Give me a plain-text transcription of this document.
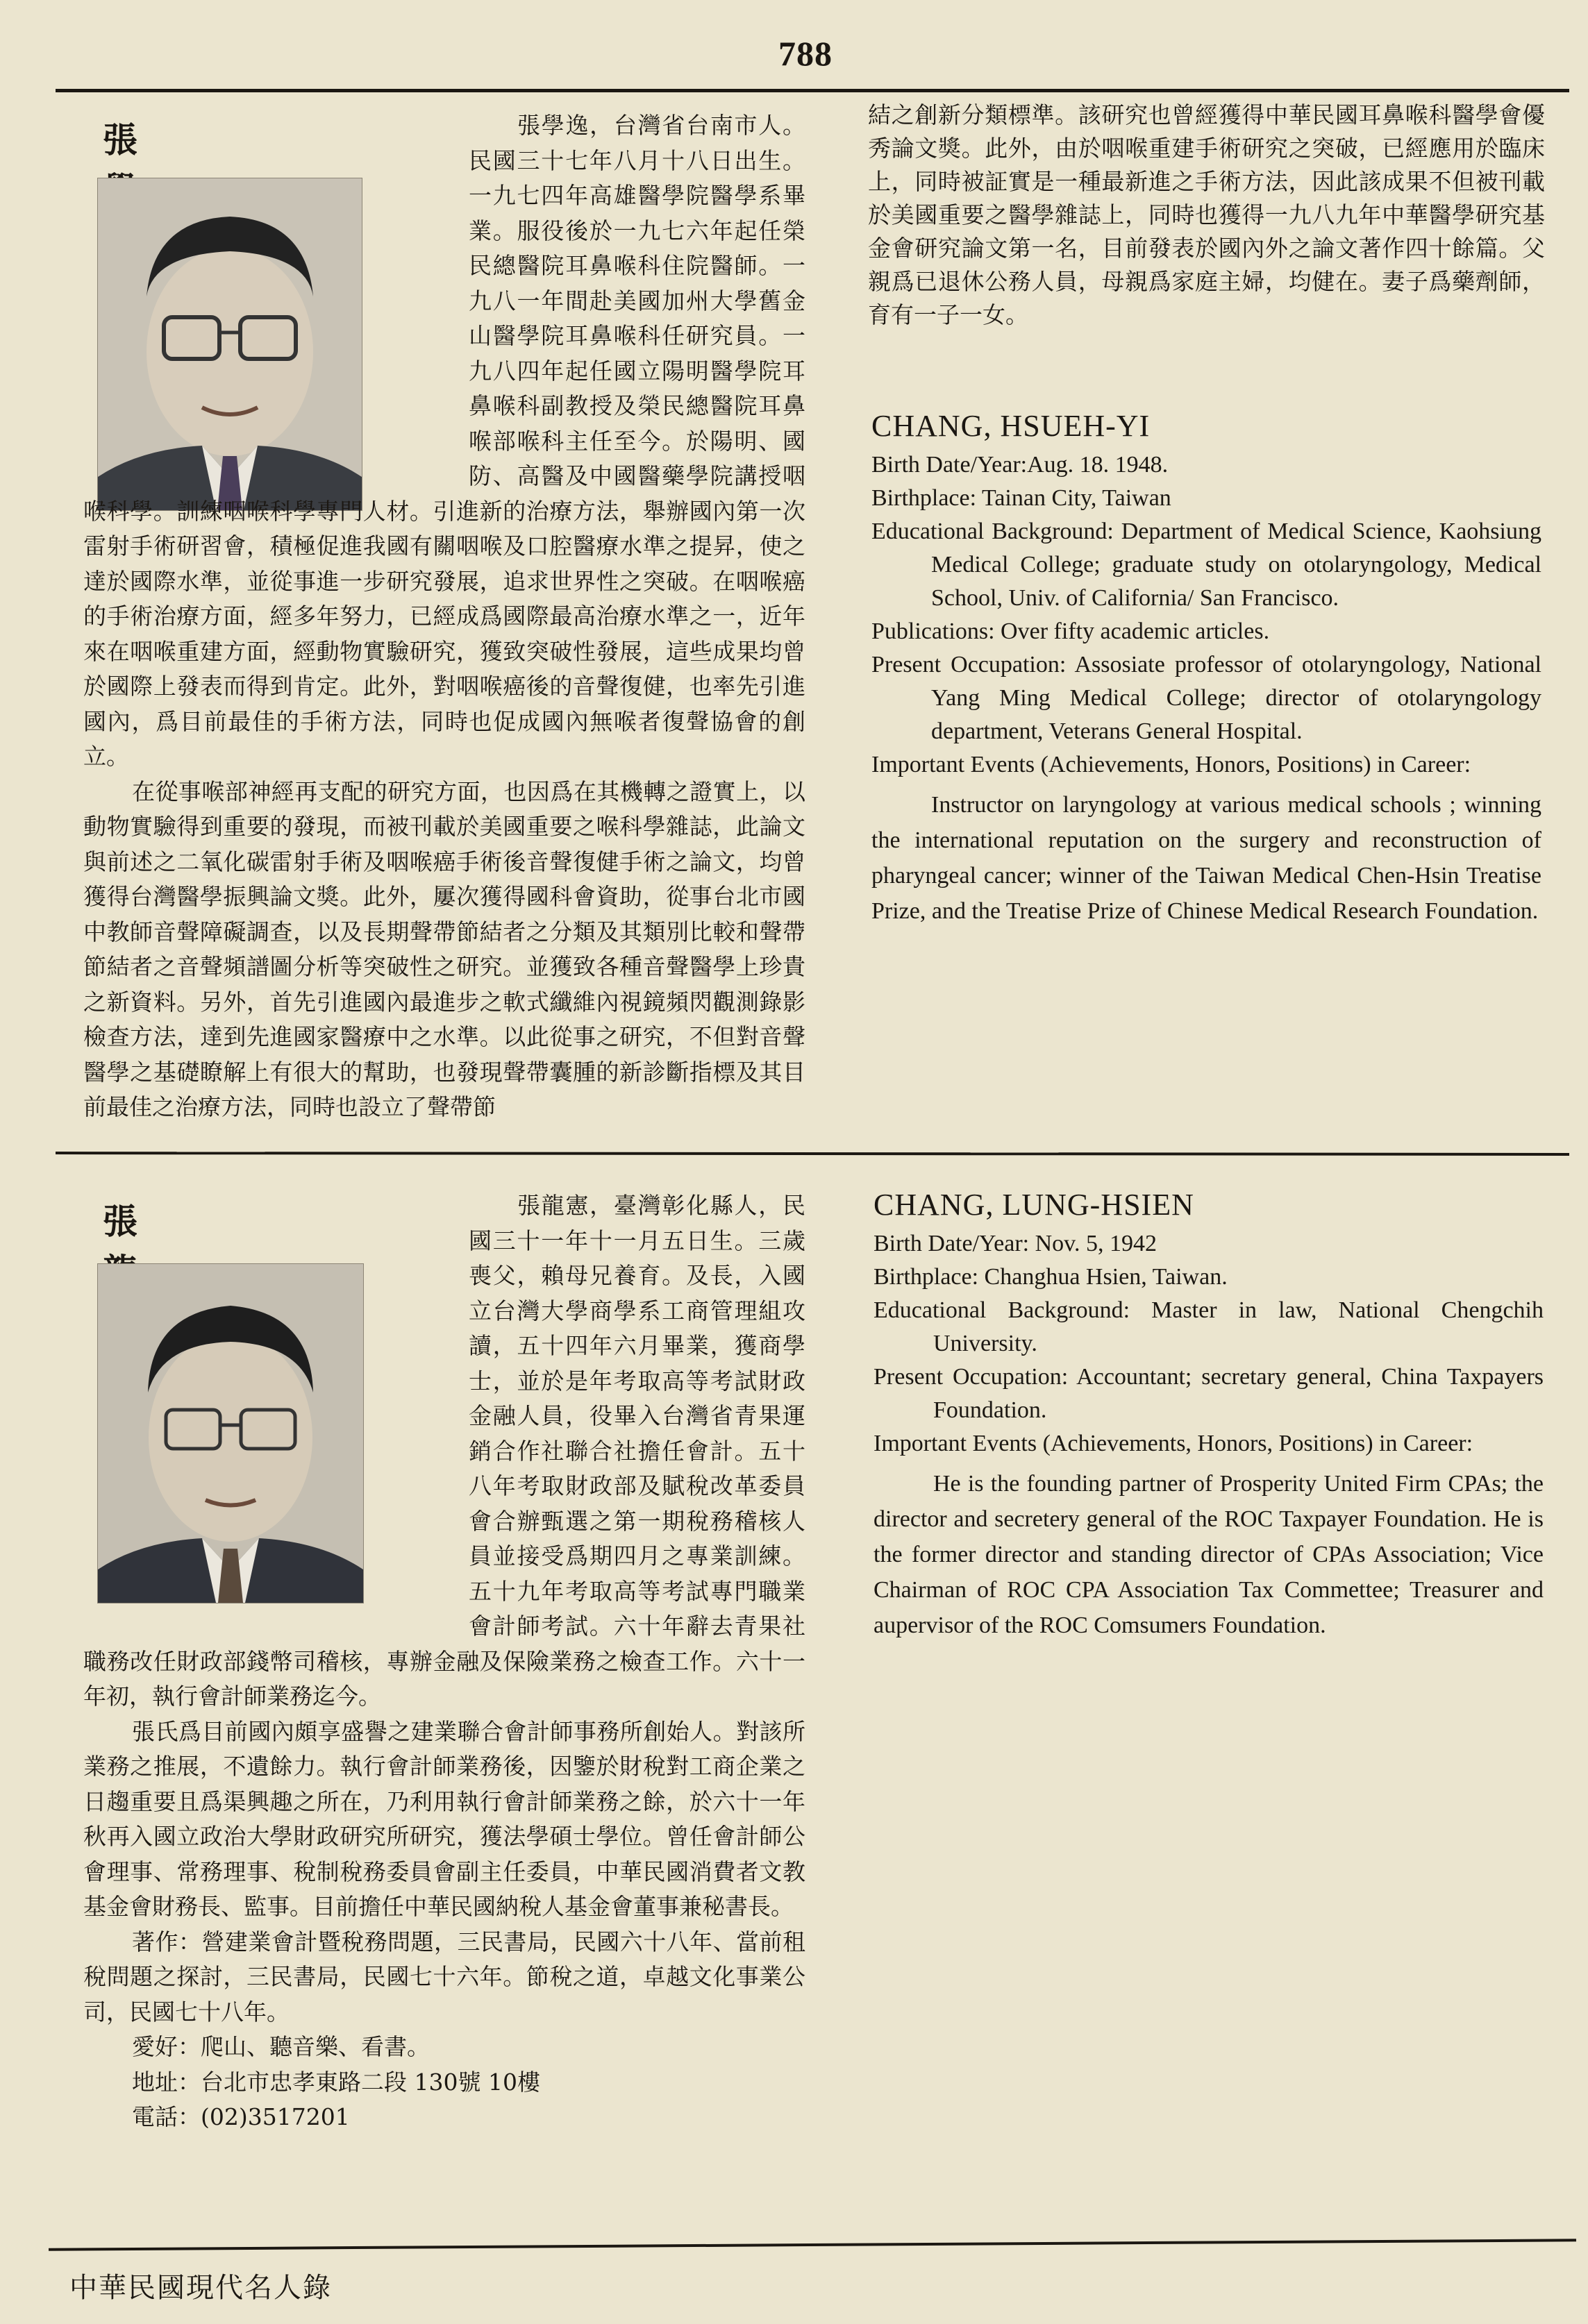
788
張	張學逸，台灣省台南市人。民國三十七年八月十八日出生。一九七四年高雄醫學院醫學系畢業。服役後於一九七六年起任榮民總醫院耳鼻喉科住院醫師。一九八一年間赴美國加州大學舊金山醫學院耳鼻喉科任研究員。一九八四年起任國立陽明醫學院耳鼻喉科副教授及榮民總醫院耳鼻喉部喉科主任至今。於陽明、國防、高醫及中國醫藥學院講授咽喉科學。訓練咽喉科學專門人材。引進新的治療方法，舉辦國內第一次雷射手術研習會，積極促進我國有關咽喉及口腔醫療水準之提昇，使之達於國際水準，並從事進一步研究發展，追求世界性之突破。在咽喉癌的手術治療方面，經多年努力，已經成爲國際最高治療水準之一，近年來在咽喉重建方面，經動物實驗研究，獲致突破性發展，這些成果均曾於國際上發表而得到肯定。此外，對咽喉癌後的音聲復健，也率先引進國內，爲目前最佳的手術方法，同時也促成國內無喉者復聲協會的創立。

在從事喉部神經再支配的研究方面，也因爲在其機轉之證實上，以動物實驗得到重要的發現，而被刊載於美國重要之喉科學雜誌，此論文與前述之二氧化碳雷射手術及咽喉癌手術後音聲復健手術之論文，均曾獲得台灣醫學振興論文獎。此外，屢次獲得國科會資助，從事台北市國中教師音聲障礙調查，以及長期聲帶節結者之分類及其類別比較和聲帶節結者之音聲頻譜圖分析等突破性之研究。並獲致各種音聲醫學上珍貴之新資料。另外，首先引進國內最進步之軟式纖維內視鏡頻閃觀測錄影檢查方法，達到先進國家醫療中之水準。以此從事之研究，不但對音聲醫學之基礎瞭解上有很大的幫助，也發現聲帶囊腫的新診斷指標及其目前最佳之治療方法，同時也設立了聲帶節

結之創新分類標準。該研究也曾經獲得中華民國耳鼻喉科醫學會優秀論文獎。此外，由於咽喉重建手術研究之突破，已經應用於臨床上，同時被証實是一種最新進之手術方法，因此該成果不但被刊載於美國重要之醫學雜誌上，同時也獲得一九八九年中華醫學研究基金會研究論文第一名，目前發表於國內外之論文著作四十餘篇。父親爲已退休公務人員，母親爲家庭主婦，均健在。妻子爲藥劑師，育有一子一女。

CHANG, HSUEH-YI
Birth Date/Year:Aug. 18. 1948.
Birthplace: Tainan City, Taiwan
Educational Background: Department of Medical Science, Kaohsiung Medical College; graduate study on otolaryngology, Medical School, Univ. of California/ San Francisco.
Publications: Over fifty academic articles.
Present Occupation: Assosiate professor of otolaryngology, National Yang Ming Medical College; director of otolaryngology department, Veterans General Hospital.
Important Events (Achievements, Honors, Positions) in Career:
Instructor on laryngology at various medical schools ; winning the international reputation on the surgery and reconstruction of pharyngeal cancer; winner of the Taiwan Medical Chen-Hsin Treatise Prize, and the Treatise Prize of Chinese Medical Research Foundation.
張	張龍憲，臺灣彰化縣人，民國三十一年十一月五日生。三歲喪父，賴母兄養育。及長，入國立台灣大學商學系工商管理組攻讀，五十四年六月畢業，獲商學士，並於是年考取高等考試財政金融人員，役畢入台灣省青果運銷合作社聯合社擔任會計。五十八年考取財政部及賦稅改革委員會合辦甄選之第一期稅務稽核人員並接受爲期四月之專業訓練。五十九年考取高等考試專門職業會計師考試。六十年辭去青果社職務改任財政部錢幣司稽核，專辦金融及保險業務之檢查工作。六十一年初，執行會計師業務迄今。

張氏爲目前國內頗享盛譽之建業聯合會計師事務所創始人。對該所業務之推展，不遺餘力。執行會計師業務後，因鑒於財稅對工商企業之日趨重要且爲渠興趣之所在，乃利用執行會計師業務之餘，於六十一年秋再入國立政治大學財政研究所研究，獲法學碩士學位。曾任會計師公會理事、常務理事、稅制稅務委員會副主任委員，中華民國消費者文教基金會財務長、監事。目前擔任中華民國納稅人基金會董事兼秘書長。

著作：營建業會計暨稅務問題，三民書局，民國六十八年、當前租稅問題之探討，三民書局，民國七十六年。節稅之道，卓越文化事業公司，民國七十八年。

愛好：爬山、聽音樂、看書。

地址：台北市忠孝東路二段 130號 10樓

電話：(02)3517201

CHANG, LUNG-HSIEN
Birth Date/Year: Nov. 5, 1942
Birthplace: Changhua Hsien, Taiwan.
Educational Background: Master in law, National Chengchih University.
Present Occupation: Accountant; secretary general, China Taxpayers Foundation.
Important Events (Achievements, Honors, Positions) in Career:
He is the founding partner of Prosperity United Firm CPAs; the director and secretery general of the ROC Taxpayer Foundation. He is the former director and standing director of CPAs Association; Vice Chairman of ROC CPA Association Tax Commettee; Treasurer and aupervisor of the ROC Comsumers Foundation.
中華民國現代名人錄
